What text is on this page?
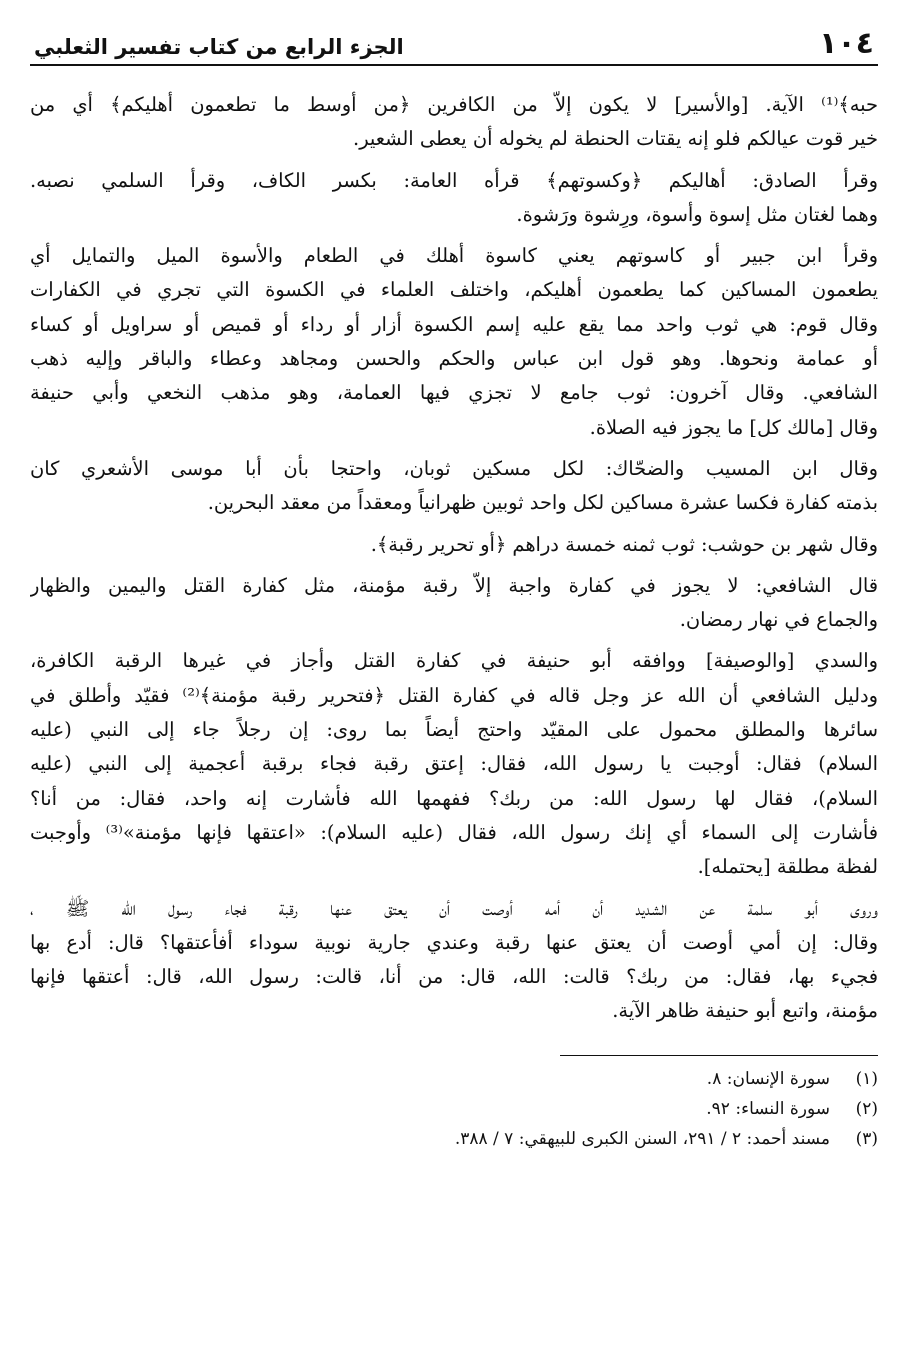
١٠٤
الجزء الرابع من كتاب تفسير الثعلبي
حبه﴾⁽¹⁾ الآية. [والأسير] لا يكون إلاّ من الكافرين ﴿من أوسط ما تطعمون أهليكم﴾ أي من
خير قوت عيالكم فلو إنه يقتات الحنطة لم يخوله أن يعطى الشعير.
وقرأ الصادق: أهاليكم ﴿وكسوتهم﴾ قرأه العامة: بكسر الكاف، وقرأ السلمي نصبه.
وهما لغتان مثل إسوة وأسوة، ورِشوة ورَشوة.
وقرأ ابن جبير أو كاسوتهم يعني كاسوة أهلك في الطعام والأسوة الميل والتمايل أي
يطعمون المساكين كما يطعمون أهليكم، واختلف العلماء في الكسوة التي تجري في الكفارات
وقال قوم: هي ثوب واحد مما يقع عليه إسم الكسوة أزار أو رداء أو قميص أو سراويل أو كساء
أو عمامة ونحوها. وهو قول ابن عباس والحكم والحسن ومجاهد وعطاء والباقر وإليه ذهب
الشافعي. وقال آخرون: ثوب جامع لا تجزي فيها العمامة، وهو مذهب النخعي وأبي حنيفة
وقال [مالك كل] ما يجوز فيه الصلاة.
وقال ابن المسيب والضحّاك: لكل مسكين ثوبان، واحتجا بأن أبا موسى الأشعري كان
بذمته كفارة فكسا عشرة مساكين لكل واحد ثوبين ظهرانياً ومعقداً من معقد البحرين.
وقال شهر بن حوشب: ثوب ثمنه خمسة دراهم ﴿أو تحرير رقبة﴾.
قال الشافعي: لا يجوز في كفارة واجبة إلاّ رقبة مؤمنة، مثل كفارة القتل واليمين والظهار
والجماع في نهار رمضان.
والسدي [والوصيفة] ووافقه أبو حنيفة في كفارة القتل وأجاز في غيرها الرقبة الكافرة،
ودليل الشافعي أن الله عز وجل قاله في كفارة القتل ﴿فتحرير رقبة مؤمنة﴾⁽²⁾ فقيّد وأطلق في
سائرها والمطلق محمول على المقيّد واحتج أيضاً بما روى: إن رجلاً جاء إلى النبي (عليه
السلام) فقال: أوجبت يا رسول الله، فقال: إعتق رقبة فجاء برقبة أعجمية إلى النبي (عليه
السلام)، فقال لها رسول الله: من ربك؟ ففهمها الله فأشارت إنه واحد، فقال: من أنا؟
فأشارت إلى السماء أي إنك رسول الله، فقال (عليه السلام): «اعتقها فإنها مؤمنة»⁽³⁾ وأوجبت
لفظة مطلقة [يحتمله].
وروى أبو سلمة عن الشديد أن أمه أوصت أن يعتق عنها رقبة فجاء رسول الله ﷺ ،
وقال: إن أمي أوصت أن يعتق عنها رقبة وعندي جارية نوبية سوداء أفأعتقها؟ قال: أدع بها
فجيء بها، فقال: من ربك؟ قالت: الله، قال: من أنا، قالت: رسول الله، قال: أعتقها فإنها
مؤمنة، واتبع أبو حنيفة ظاهر الآية.
(١)
سورة الإنسان: ٨.
(٢)
سورة النساء: ٩٢.
(٣)
مسند أحمد: ٢ / ٢٩١، السنن الكبرى للبيهقي: ٧ / ٣٨٨.
